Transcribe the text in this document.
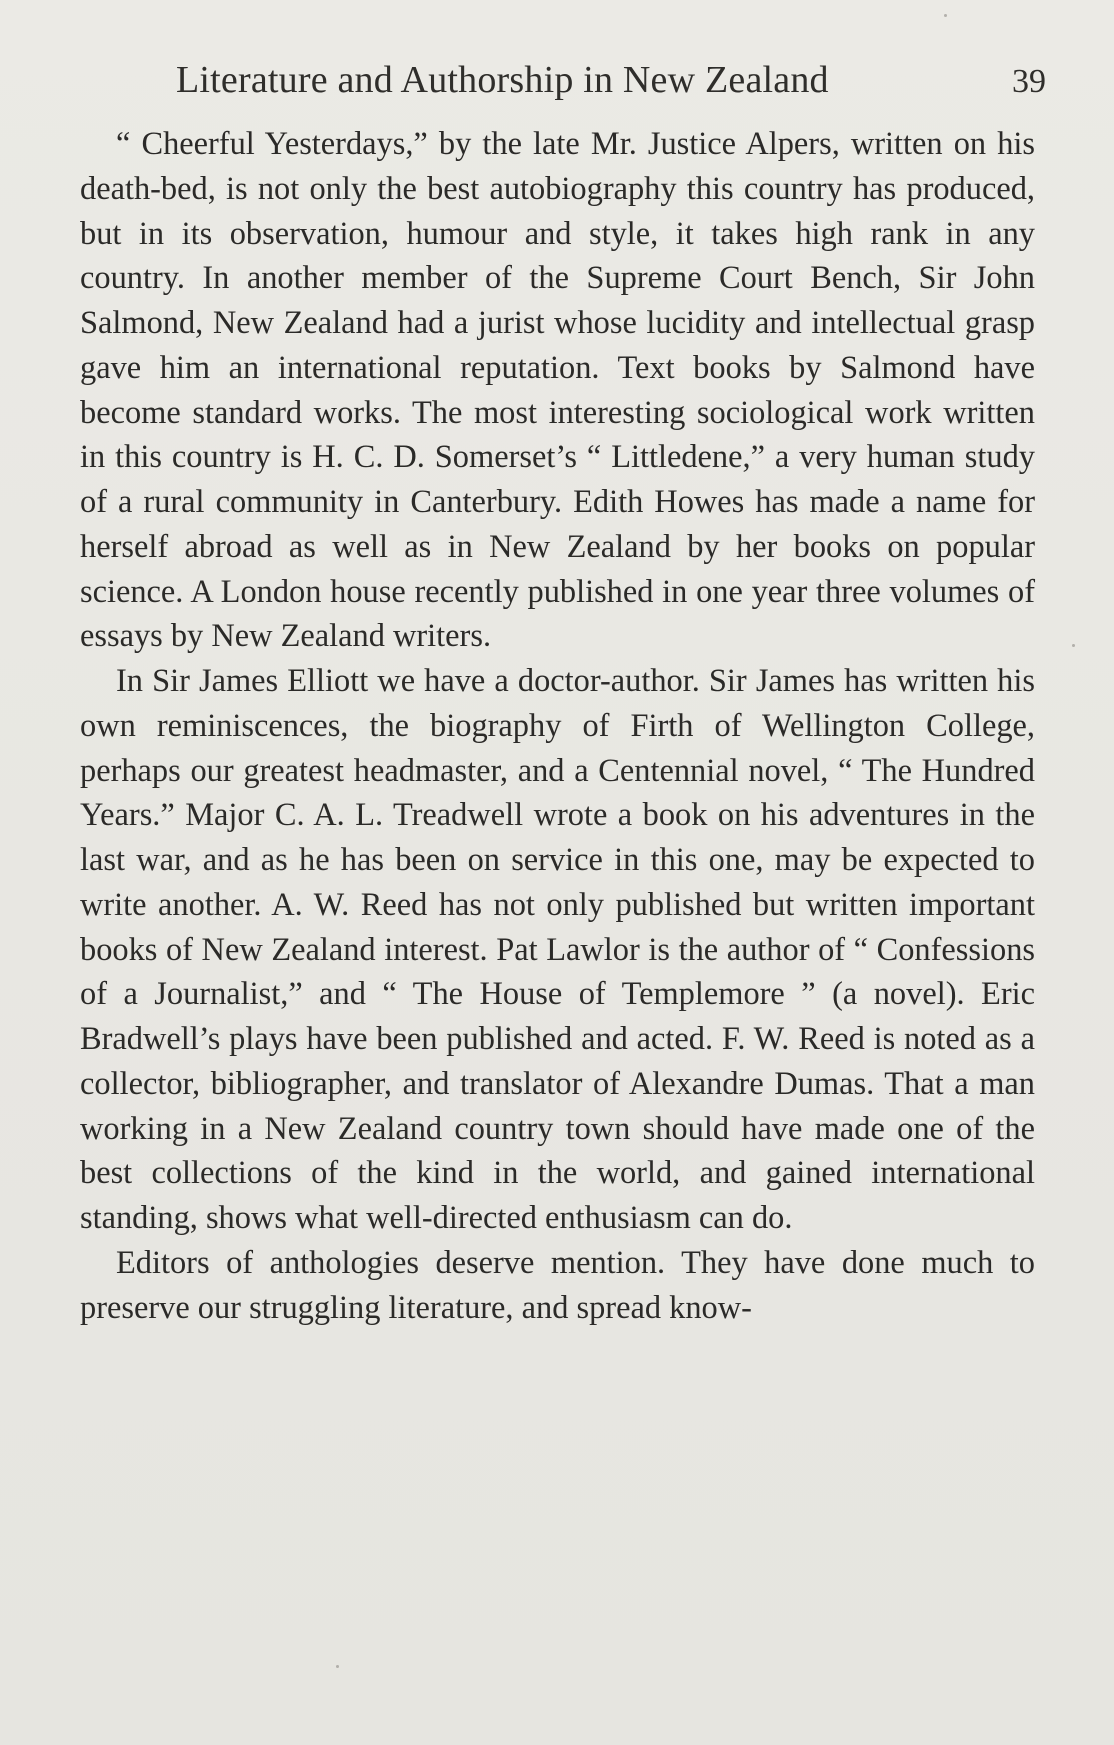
Literature and Authorship in New Zealand	39

“ Cheerful Yesterdays,” by the late Mr. Justice Alpers, written on his death-bed, is not only the best autobiography this country has produced, but in its observation, humour and style, it takes high rank in any country. In another member of the Supreme Court Bench, Sir John Salmond, New Zealand had a jurist whose lucidity and intellectual grasp gave him an international reputation. Text books by Salmond have become standard works. The most interesting sociological work written in this country is H. C. D. Somerset’s “ Littledene,” a very human study of a rural community in Canterbury. Edith Howes has made a name for herself abroad as well as in New Zealand by her books on popular science. A London house recently published in one year three volumes of essays by New Zealand writers.

In Sir James Elliott we have a doctor-author. Sir James has written his own reminiscences, the biography of Firth of Wellington College, perhaps our greatest headmaster, and a Centennial novel, “ The Hundred Years.” Major C. A. L. Treadwell wrote a book on his adventures in the last war, and as he has been on service in this one, may be expected to write another. A. W. Reed has not only published but written important books of New Zealand interest. Pat Lawlor is the author of “ Confessions of a Journalist,” and “ The House of Templemore ” (a novel). Eric Bradwell’s plays have been published and acted. F. W. Reed is noted as a collector, bibliographer, and translator of Alexandre Dumas. That a man working in a New Zealand country town should have made one of the best collections of the kind in the world, and gained international standing, shows what well-directed enthusiasm can do.

Editors of anthologies deserve mention. They have done much to preserve our struggling literature, and spread know-
